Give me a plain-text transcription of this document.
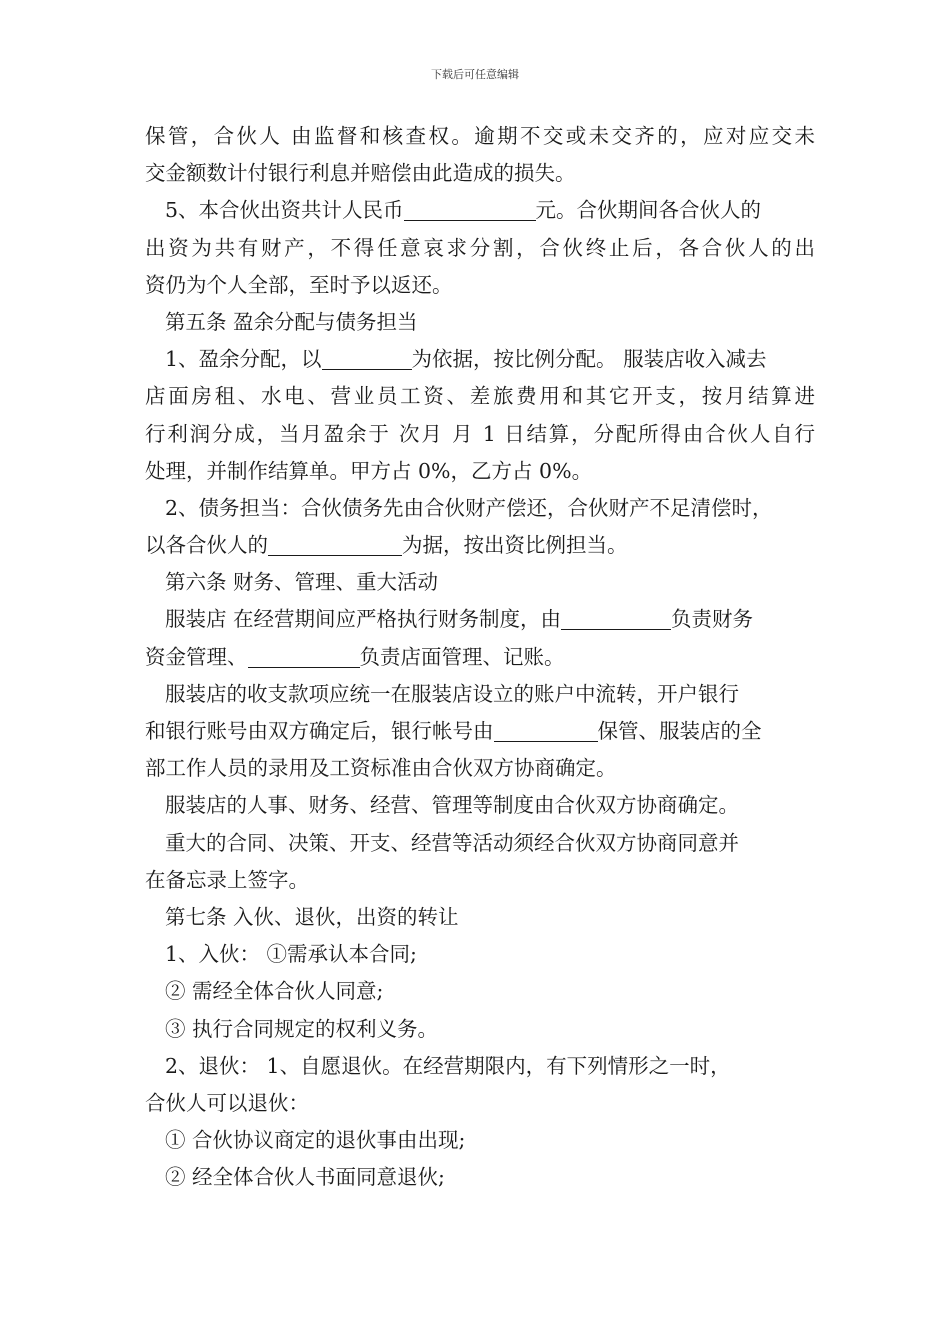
下载后可任意编辑
保管，合伙人 由监督和核查权。逾期不交或未交齐的，应对应交未
交金额数计付银行利息并赔偿由此造成的损失。
5、本合伙出资共计人民币	元。合伙期间各合伙人的
出资为共有财产，不得任意哀求分割，合伙终止后，各合伙人的出
资仍为个人全部，至时予以返还。
第五条 盈余分配与债务担当
1、盈余分配，以	为依据，按比例分配。 服装店收入减去
店面房租、水电、营业员工资、差旅费用和其它开支，按月结算进
行利润分成，当月盈余于 次月 月 1 日结算，分配所得由合伙人自行
处理，并制作结算单。甲方占 0%，乙方占 0%。
2、债务担当：合伙债务先由合伙财产偿还，合伙财产不足清偿时，
以各合伙人的	为据，按出资比例担当。
第六条 财务、管理、重大活动
服装店 在经营期间应严格执行财务制度，由	负责财务
资金管理、	负责店面管理、记账。
服装店的收支款项应统一在服装店设立的账户中流转，开户银行
和银行账号由双方确定后，银行帐号由	保管、服装店的全
部工作人员的录用及工资标准由合伙双方协商确定。
服装店的人事、财务、经营、管理等制度由合伙双方协商确定。
重大的合同、决策、开支、经营等活动须经合伙双方协商同意并
在备忘录上签字。
第七条 入伙、退伙，出资的转让
1、入伙： ①需承认本合同;
② 需经全体合伙人同意;
③ 执行合同规定的权利义务。
2、退伙： 1、自愿退伙。在经营期限内，有下列情形之一时，
合伙人可以退伙：
① 合伙协议商定的退伙事由出现;
② 经全体合伙人书面同意退伙;
